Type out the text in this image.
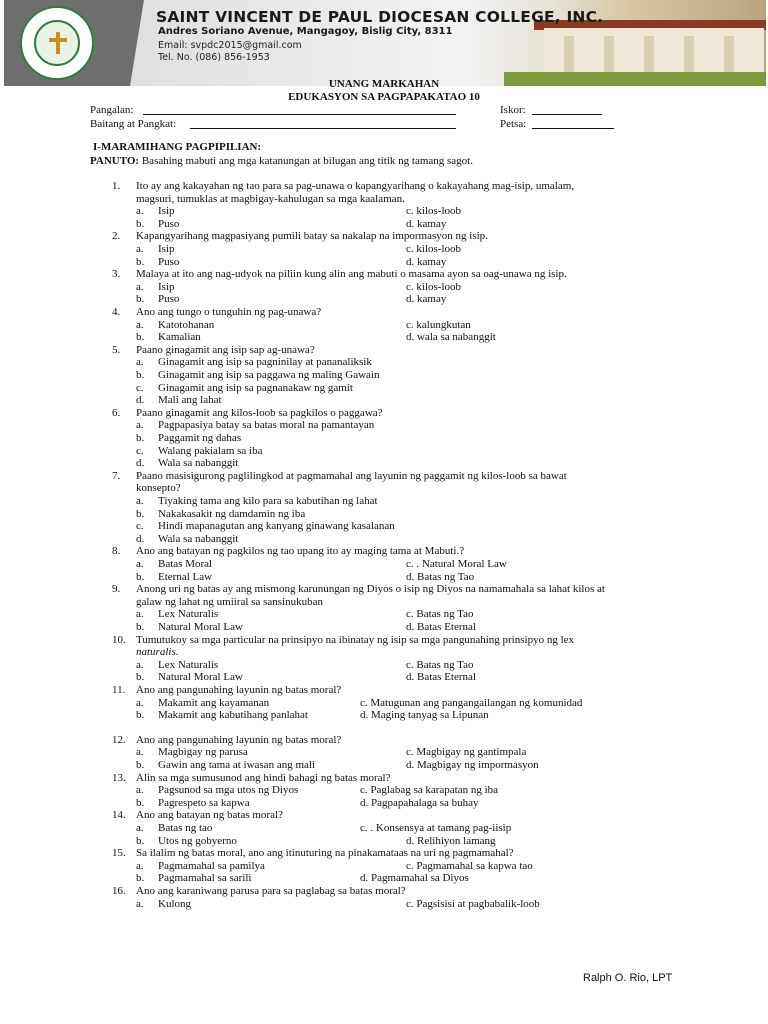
SAINT VINCENT DE PAUL DIOCESAN COLLEGE, INC.
Andres Soriano Avenue, Mangagoy, Bislig City, 8311
Email: svpdc2015@gmail.com
Tel. No. (086) 856-1953
UNANG MARKAHAN
EDUKASYON SA PAGPAPAKATAO 10
Pangalan:	Iskor:
Baitang at Pangkat:	Petsa:
I-MARAMIHANG PAGPIPILIAN:
PANUTO: Basahing mabuti ang mga katanungan at bilugan ang titik ng tamang sagot.
1. Ito ay ang kakayahan ng tao para sa pag-unawa o kapangyarihang o kakayahang mag-isip, umalam,
magsuri, tumuklas at magbigay-kahulugan sa mga kaalaman.
a. Isip	c. kilos-loob
b. Puso	d. kamay
2. Kapangyarihang magpasiyang pumili batay sa nakalap na impormasyon ng isip.
a. Isip	c. kilos-loob
b. Puso	d. kamay
3. Malaya at ito ang nag-udyok na piliin kung alin ang mabuti o masama ayon sa oag-unawa ng isip.
a. Isip	c. kilos-loob
b. Puso	d. kamay
4. Ano ang tungo o tunguhin ng pag-unawa?
a. Katotohanan	c. kalungkutan
b. Kamalian	d. wala sa nabanggit
5. Paano ginagamit ang isip sap ag-unawa?
a. Ginagamit ang isip sa pagninilay at pananaliksik
b. Ginagamit ang isip sa paggawa ng maling Gawain
c. Ginagamit ang isip sa pagnanakaw ng gamit
d. Mali ang lahat
6. Paano ginagamit ang kilos-loob sa pagkilos o paggawa?
a. Pagpapasiya batay sa batas moral na pamantayan
b. Paggamit ng dahas
c. Walang pakialam sa iba
d. Wala sa nabanggit
7. Paano masisigurong paglilingkod at pagmamahal ang layunin ng paggamit ng kilos-loob sa bawat
konsepto?
a. Tiyaking tama ang kilo para sa kabutihan ng lahat
b. Nakakasakit ng damdamin ng iba
c. Hindi mapanagutan ang kanyang ginawang kasalanan
d. Wala sa nabanggit
8. Ano ang batayan ng pagkilos ng tao upang ito ay maging tama at Mabuti.?
a. Batas Moral	c. . Natural Moral Law
b. Eternal Law	d. Batas ng Tao
9. Anong uri ng batas ay ang mismong karunungan ng Diyos o isip ng Diyos na namamahala sa lahat kilos at
galaw ng lahat ng umiiral sa sansinukuban
a. Lex Naturalis	c. Batas ng Tao
b. Natural Moral Law	d. Batas Eternal
10. Tumutukoy sa mga particular na prinsipyo na ibinatay ng isip sa mga pangunahing prinsipyo ng lex
naturalis.
a. Lex Naturalis	c. Batas ng Tao
b. Natural Moral Law	d. Batas Eternal
11. Ano ang pangunahing layunin ng batas moral?
a. Makamit ang kayamanan	c. Matugunan ang pangangailangan ng komunidad
b. Makamit ang kabutihang panlahat	d. Maging tanyag sa Lipunan
12. Ano ang pangunahing layunin ng batas moral?
a. Magbigay ng parusa	c. Magbigay ng gantimpala
b. Gawin ang tama at iwasan ang mali	d. Magbigay ng impormasyon
13. Alin sa mga sumusunod ang hindi bahagi ng batas moral?
a. Pagsunod sa mga utos ng Diyos	c. Paglabag sa karapatan ng iba
b. Pagrespeto sa kapwa	d. Pagpapahalaga sa buhay
14. Ano ang batayan ng batas moral?
a. Batas ng tao	c. . Konsensya at tamang pag-iisip
b. Utos ng gobyerno	d. Relihiyon lamang
15. Sa ilalim ng batas moral, ano ang itinuturing na pinakamataas na uri ng pagmamahal?
a. Pagmamahal sa pamilya	c. Pagmamahal sa kapwa tao
b. Pagmamahal sa sarili	d. Pagmamahal sa Diyos
16. Ano ang karaniwang parusa para sa paglabag sa batas moral?
a. Kulong	c. Pagsisisi at pagbabalik-loob
Ralph O. Rio, LPT
